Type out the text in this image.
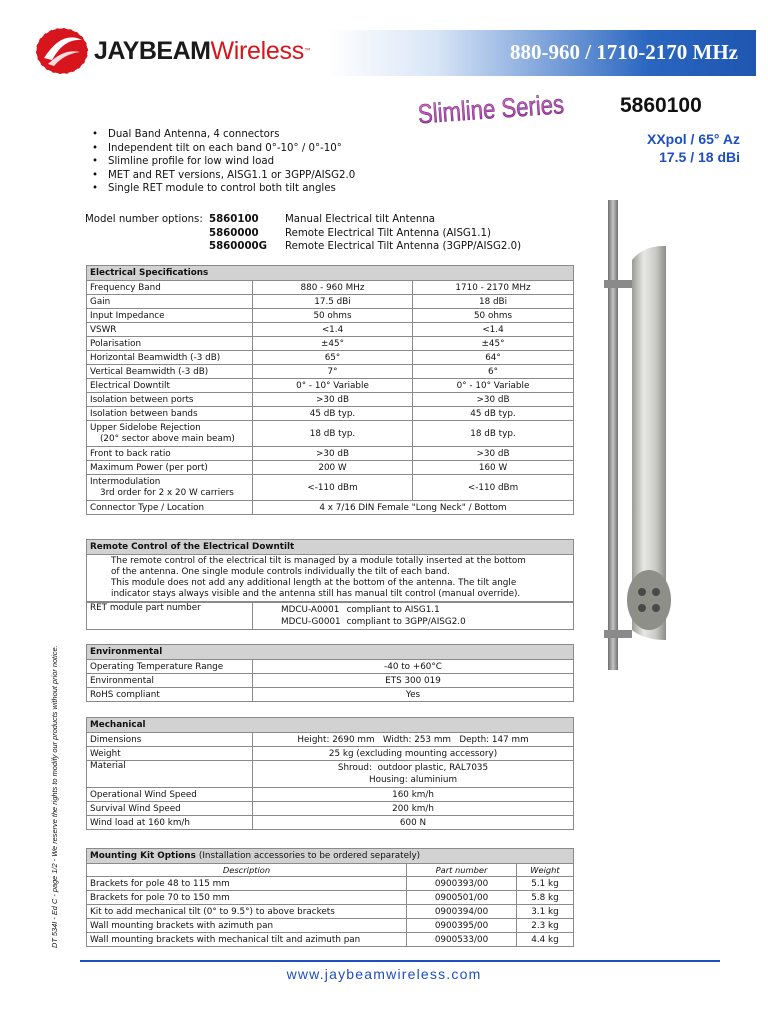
JAYBEAM Wireless ™	880-960 / 1710-2170 MHz
Slimline Series	5860100
XXpol / 65° Az
17.5 / 18 dBi
• Dual Band Antenna, 4 connectors
• Independent tilt on each band 0°-10° / 0°-10°
• Slimline profile for low wind load
• MET and RET versions, AISG1.1 or 3GPP/AISG2.0
• Single RET module to control both tilt angles
Model number options: 5860100	Manual Electrical tilt Antenna
5860000	Remote Electrical Tilt Antenna (AISG1.1)
5860000G	Remote Electrical Tilt Antenna (3GPP/AISG2.0)
Electrical Specifications		
Frequency Band	880 - 960 MHz	1710 - 2170 MHz
Gain	17.5 dBi	18 dBi
Input Impedance	50 ohms	50 ohms
VSWR	<1.4	<1.4
Polarisation	±45°	±45°
Horizontal Beamwidth (-3 dB)	65°	64°
Vertical Beamwidth (-3 dB)	7°	6°
Electrical Downtilt	0° - 10° Variable	0° - 10° Variable
Isolation between ports	>30 dB	>30 dB
Isolation between bands	45 dB typ.	45 dB typ.

Upper Sidelobe Rejection
(20° sector above main beam)	18 dB typ.	18 dB typ.
Front to back ratio	>30 dB	>30 dB
Maximum Power (per port)	200 W	160 W

Intermodulation
3rd order for 2 x 20 W carriers	<-110 dBm	<-110 dBm
Connector Type / Location	4 x 7/16 DIN Female "Long Neck" / Bottom	
Remote Control of the Electrical Downtilt

The remote control of the electrical tilt is managed by a module totally inserted at the bottom
of the antenna. One single module controls individually the tilt of each band.
This module does not add any additional length at the bottom of the antenna. The tilt angle
indicator stays always visible and the antenna still has manual tilt control (manual override).

RET module part number	MDCU-A0001 compliant to AISG1.1
MDCU-G0001 compliant to 3GPP/AISG2.0
Environmental	
Operating Temperature Range	-40 to +60°C
Environmental	ETS 300 019
RoHS compliant	Yes
Mechanical	
Dimensions	Height: 2690 mm   Width: 253 mm   Depth: 147 mm
Weight	25 kg (excluding mounting accessory)
Material	Shroud:  outdoor plastic, RAL7035
Housing: aluminium

Operational Wind Speed	160 km/h
Survival Wind Speed	200 km/h
Wind load at 160 km/h	600 N
Mounting Kit Options (Installation accessories to be ordered separately)		
Description	Part number	Weight
Brackets for pole 48 to 115 mm	0900393/00	5.1 kg
Brackets for pole 70 to 150 mm	0900501/00	5.8 kg
Kit to add mechanical tilt (0° to 9.5°) to above brackets	0900394/00	3.1 kg
Wall mounting brackets with azimuth pan	0900395/00	2.3 kg
Wall mounting brackets with mechanical tilt and azimuth pan	0900533/00	4.4 kg
DT 534I - Ed C - page 1/2 - We reserve the rights to modify our products without prior notice.
www.jaybeamwireless.com
